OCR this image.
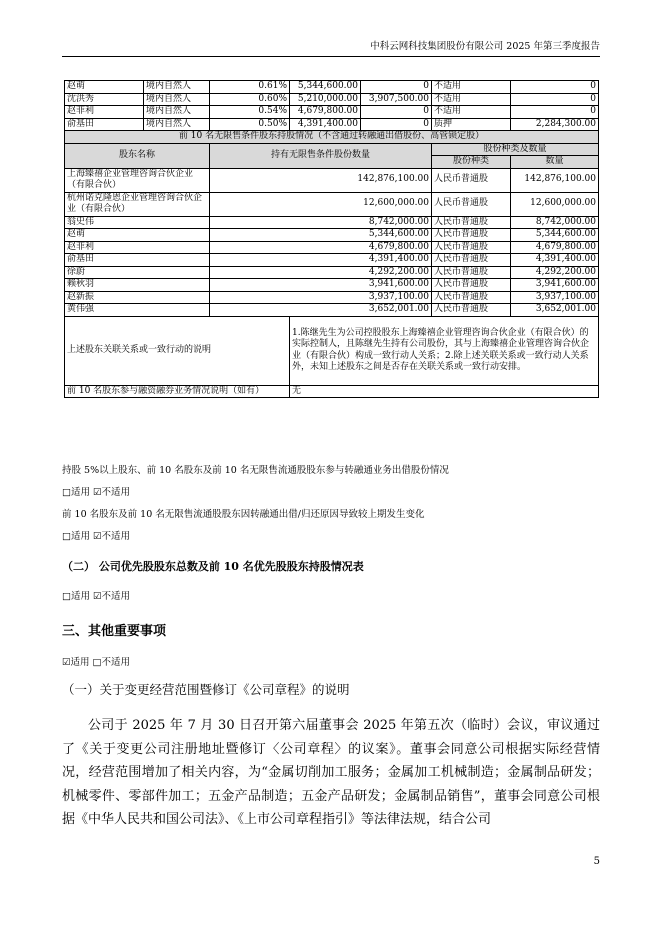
中科云网科技集团股份有限公司 2025 年第三季度报告
赵萌	境内自然人	0.61%	5,344,600.00	0	不适用	0
沈洪秀	境内自然人	0.60%	5,210,000.00	3,907,500.00	不适用	0
赵菲利	境内自然人	0.54%	4,679,800.00	0	不适用	0
俞基田	境内自然人	0.50%	4,391,400.00	0	质押	2,284,300.00
前 10 名无限售条件股东持股情况（不含通过转融通出借股份、高管锁定股）						
股东名称		持有无限售条件股份数量			股份种类及数量	
					股份种类	数量
上海臻禧企业管理咨询合伙企业（有限合伙）		142,876,100.00			人民币普通股	142,876,100.00
杭州诺克隆恩企业管理咨询合伙企业（有限合伙）		12,600,000.00			人民币普通股	12,600,000.00
翁史伟		8,742,000.00			人民币普通股	8,742,000.00
赵萌		5,344,600.00			人民币普通股	5,344,600.00
赵菲利		4,679,800.00			人民币普通股	4,679,800.00
俞基田		4,391,400.00			人民币普通股	4,391,400.00
徐蔚		4,292,200.00			人民币普通股	4,292,200.00
赖秋羽		3,941,600.00			人民币普通股	3,941,600.00
赵新振		3,937,100.00			人民币普通股	3,937,100.00
黄伟强		3,652,001.00			人民币普通股	3,652,001.00
上述股东关联关系或一致行动的说明			1.陈继先生为公司控股股东上海臻禧企业管理咨询合伙企业（有限合伙）的实际控制人，且陈继先生持有公司股份，其与上海臻禧企业管理咨询合伙企业（有限合伙）构成一致行动人关系；2.除上述关联关系或一致行动人关系外，未知上述股东之间是否存在关联关系或一致行动安排。			
前 10 名股东参与融资融券业务情况说明（如有）			无			
持股 5%以上股东、前 10 名股东及前 10 名无限售流通股股东参与转融通业务出借股份情况
□适用 ☑不适用
前 10 名股东及前 10 名无限售流通股股东因转融通出借/归还原因导致较上期发生变化
□适用 ☑不适用
（二） 公司优先股股东总数及前 10 名优先股股东持股情况表
□适用 ☑不适用
三、其他重要事项
☑适用 □不适用
（一）关于变更经营范围暨修订《公司章程》的说明
公司于 2025 年 7 月 30 日召开第六届董事会 2025 年第五次（临时）会议，审议通过了《关于变更公司注册地址暨修订〈公司章程〉的议案》。董事会同意公司根据实际经营情况，经营范围增加了相关内容，为“金属切削加工服务；金属加工机械制造；金属制品研发；机械零件、零部件加工；五金产品制造；五金产品研发；金属制品销售”，董事会同意公司根据《中华人民共和国公司法》、《上市公司章程指引》等法律法规，结合公司
5
